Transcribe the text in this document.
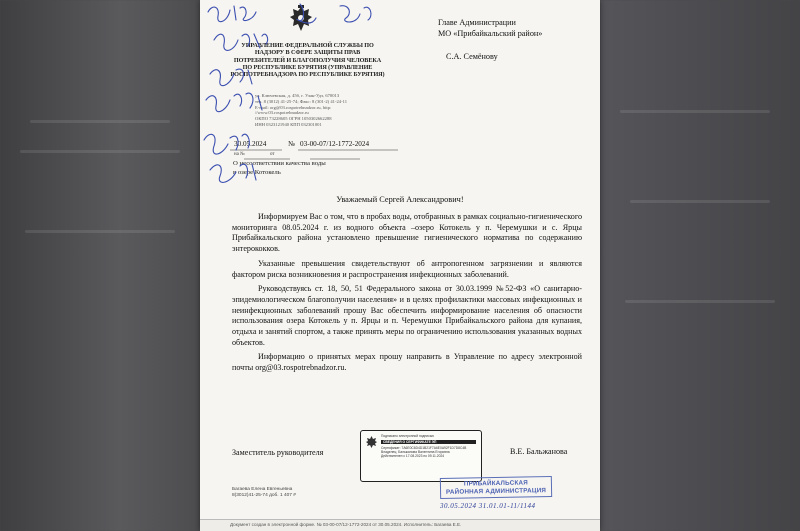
УПРАВЛЕНИЕ ФЕДЕРАЛЬНОЙ СЛУЖБЫ ПО НАДЗОРУ В СФЕРЕ ЗАЩИТЫ ПРАВ ПОТРЕБИТЕЛЕЙ И БЛАГОПОЛУЧИЯ ЧЕЛОВЕКА ПО РЕСПУБЛИКЕ БУРЯТИЯ (УПРАВЛЕНИЕ РОСПОТРЕБНАДЗОРА ПО РЕСПУБЛИКЕ БУРЯТИЯ)
ул. Ключевская, д. 45б, г. Улан-Удэ, 670013
тел. 8 (3012) 41-25-74; Факс: 8 (301-2) 41-24-11
E-mail: org@03.rospotrebnadzor.ru, http:
//www.03.rospotrebnadzor.ru
ОКПО 73228605 ОГРН 1050302662288
ИНН 0323121940 КПП 032301001
Главе Администрации
МО «Прибайкальский район»
С.А. Семёнову
30.05.2024	№ 03-00-07/12-1772-2024
на №	от
О несоответствии качества воды
в озере Котокель
Уважаемый Сергей Александрович!

Информируем Вас о том, что в пробах воды, отобранных в рамках социально-гигиенического мониторинга 08.05.2024 г. из водного объекта –озеро Котокель у п. Черемушки и с. Ярцы Прибайкальского района установлено превышение гигиенического норматива по содержанию энтерококков.

Указанные превышения свидетельствуют об антропогенном загрязнении и являются фактором риска возникновения и распространения инфекционных заболеваний.

Руководствуясь ст. 18, 50, 51 Федерального закона от 30.03.1999 №52-ФЗ «О санитарно-эпидемиологическом благополучии населения» и в целях профилактики массовых инфекционных и неинфекционных заболеваний прошу Вас обеспечить информирование населения об опасности использования озера Котокель у п. Ярцы и п. Черемушки Прибайкальского района для купания, отдыха и занятий спортом, а также принять меры по ограничению использования указанных водных объектов.

Информацию о принятых мерах прошу направить в Управление по адресу электронной почты org@03.rospotrebnadzor.ru.

Подписано электронной подписью
СВЕДЕНИЯ О СЕРТИФИКАТЕ ЭП
Сертификат: 7A6E0C6D4D1B21F7A6E0A92F1D7D8C4B
Владелец: Бальжанова Валентина Егоровна
Действителен с 17.08.2023 по 09.11.2024
Заместитель руководителя	В.Е. Бальжанова
Багаева Елена Евгеньевна
8(3012)41-25-74 доб. 1 407 #
ПРИБАЙКАЛЬСКАЯ
РАЙОННАЯ АДМИНИСТРАЦИЯ
30.05.2024 31.01.01-11/1144
Документ создан в электронной форме. № 03-00-07/12-1772-2024 от 30.05.2024. Исполнитель: Багаева Е.Е.
